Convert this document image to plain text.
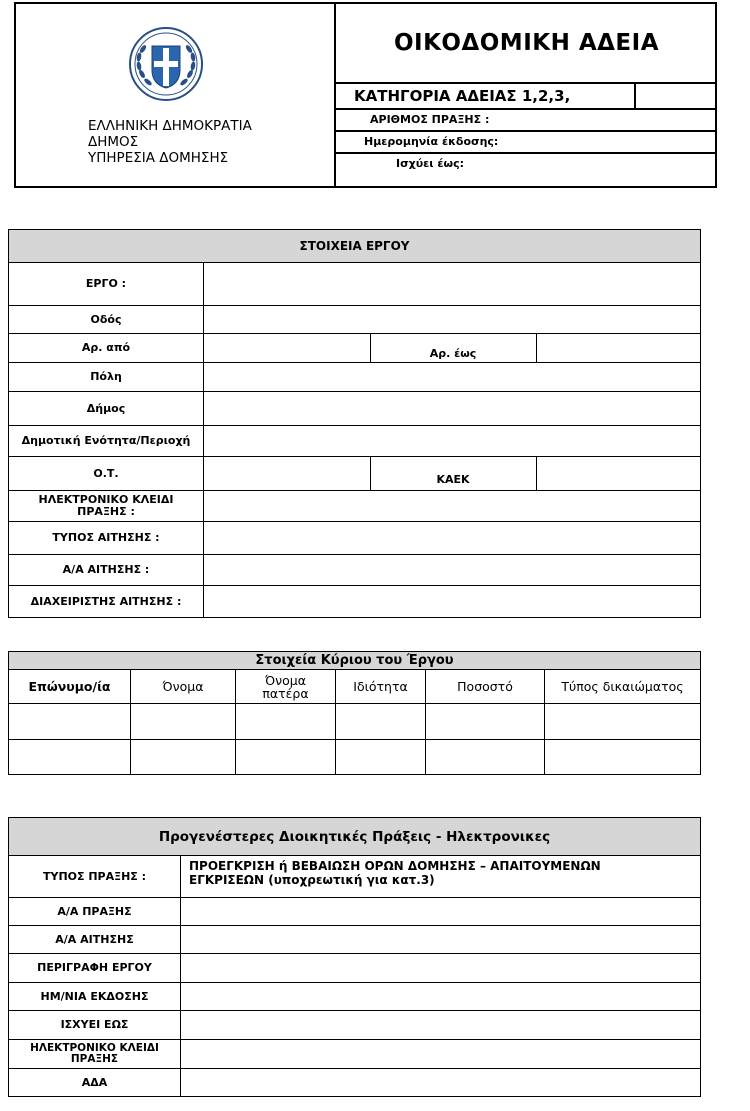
ΕΛΛΗΝΙΚΗ ΔΗΜΟΚΡΑΤΙΑ
ΔΗΜΟΣ
ΥΠΗΡΕΣΙΑ ΔΟΜΗΣΗΣ
ΟΙΚΟΔΟΜΙΚΗ ΑΔΕΙΑ
ΚΑΤΗΓΟΡΙΑ ΑΔΕΙΑΣ 1,2,3,
ΑΡΙΘΜΟΣ ΠΡΑΞΗΣ :
Ημερομηνία έκδοσης:
Ισχύει έως:
ΣΤΟΙΧΕΙΑ ΕΡΓΟΥ
ΕΡΓΟ :
Οδός
Αρ. από	Αρ. έως
Πόλη
Δήμος
Δημοτική Ενότητα/Περιοχή
Ο.Τ.	ΚΑΕΚ
ΗΛΕΚΤΡΟΝΙΚΟ ΚΛΕΙΔΙ ΠΡΑΞΗΣ :
ΤΥΠΟΣ ΑΙΤΗΣΗΣ :
Α/Α ΑΙΤΗΣΗΣ :
ΔΙΑΧΕΙΡΙΣΤΗΣ ΑΙΤΗΣΗΣ :
Στοιχεία Κύριου του Έργου
Επώνυμο/ία	Όνομα	Όνομα πατέρα	Ιδιότητα	Ποσοστό	Τύπος δικαιώματος
Προγενέστερες Διοικητικές Πράξεις - Ηλεκτρονικες
ΤΥΠΟΣ ΠΡΑΞΗΣ :
ΠΡΟΕΓΚΡΙΣΗ ή ΒΕΒΑΙΩΣΗ ΟΡΩΝ ΔΟΜΗΣΗΣ – ΑΠΑΙΤΟΥΜΕΝΩΝ ΕΓΚΡΙΣΕΩΝ (υποχρεωτική για κατ.3)
Α/Α ΠΡΑΞΗΣ
Α/Α ΑΙΤΗΣΗΣ
ΠΕΡΙΓΡΑΦΗ ΕΡΓΟΥ
ΗΜ/ΝΙΑ ΕΚΔΟΣΗΣ
ΙΣΧΥΕΙ ΕΩΣ
ΗΛΕΚΤΡΟΝΙΚΟ ΚΛΕΙΔΙ ΠΡΑΞΗΣ
ΑΔΑ
